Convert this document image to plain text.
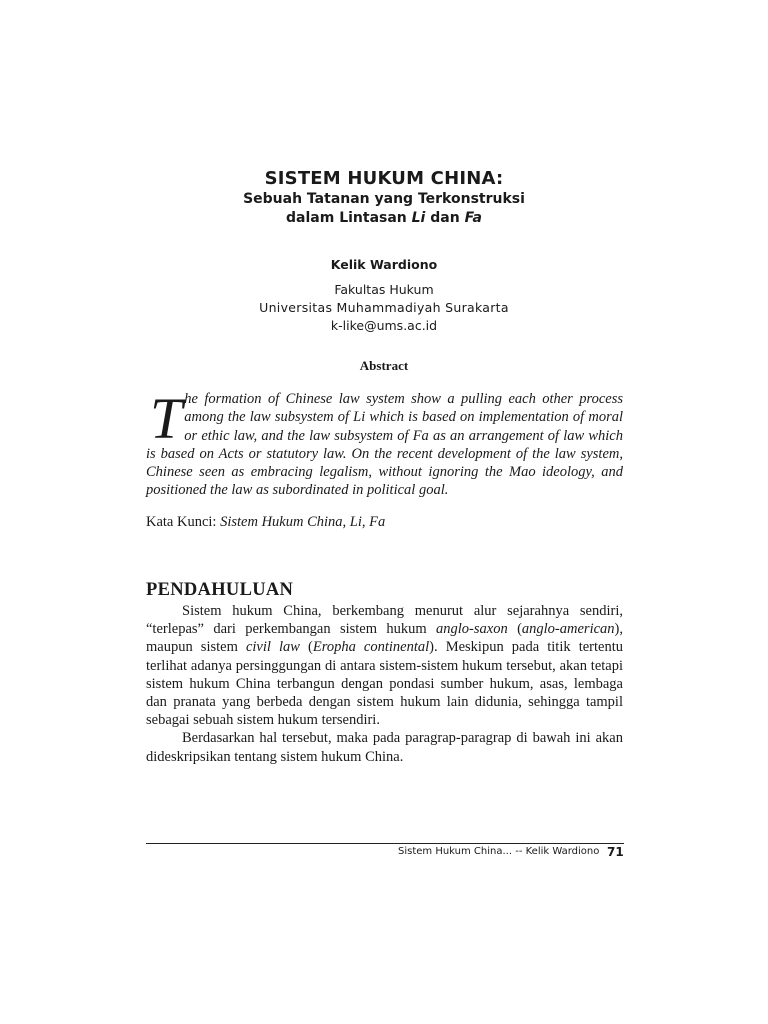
SISTEM HUKUM CHINA:
Sebuah Tatanan yang Terkonstruksi
dalam Lintasan Li dan Fa
Kelik Wardiono
Fakultas Hukum
Universitas Muhammadiyah Surakarta
k-like@ums.ac.id
Abstract
The formation of Chinese law system show a pulling each other process among the law subsystem of Li which is based on implementation of moral or ethic law, and the law subsystem of Fa as an arrangement of law which is based on Acts or statutory law. On the recent development of the law system, Chinese seen as embracing legalism, without ignoring the Mao ideology, and positioned the law as subordinated in political goal.
Kata Kunci: Sistem Hukum China, Li, Fa
PENDAHULUAN

Sistem hukum China, berkembang menurut alur sejarahnya sendiri, “terlepas” dari perkembangan sistem hukum anglo-saxon (anglo-american), maupun sistem civil law (Eropha continental). Meskipun pada titik tertentu terlihat adanya persinggungan di antara sistem-sistem hukum tersebut, akan tetapi sistem hukum China terbangun dengan pondasi sumber hukum, asas, lembaga dan pranata yang berbeda dengan sistem hukum lain didunia, sehingga tampil sebagai sebuah sistem hukum tersendiri.

Berdasarkan hal tersebut, maka pada paragrap-paragrap di bawah ini akan dideskripsikan tentang sistem hukum China.

Sistem Hukum China... -- Kelik Wardiono 71
